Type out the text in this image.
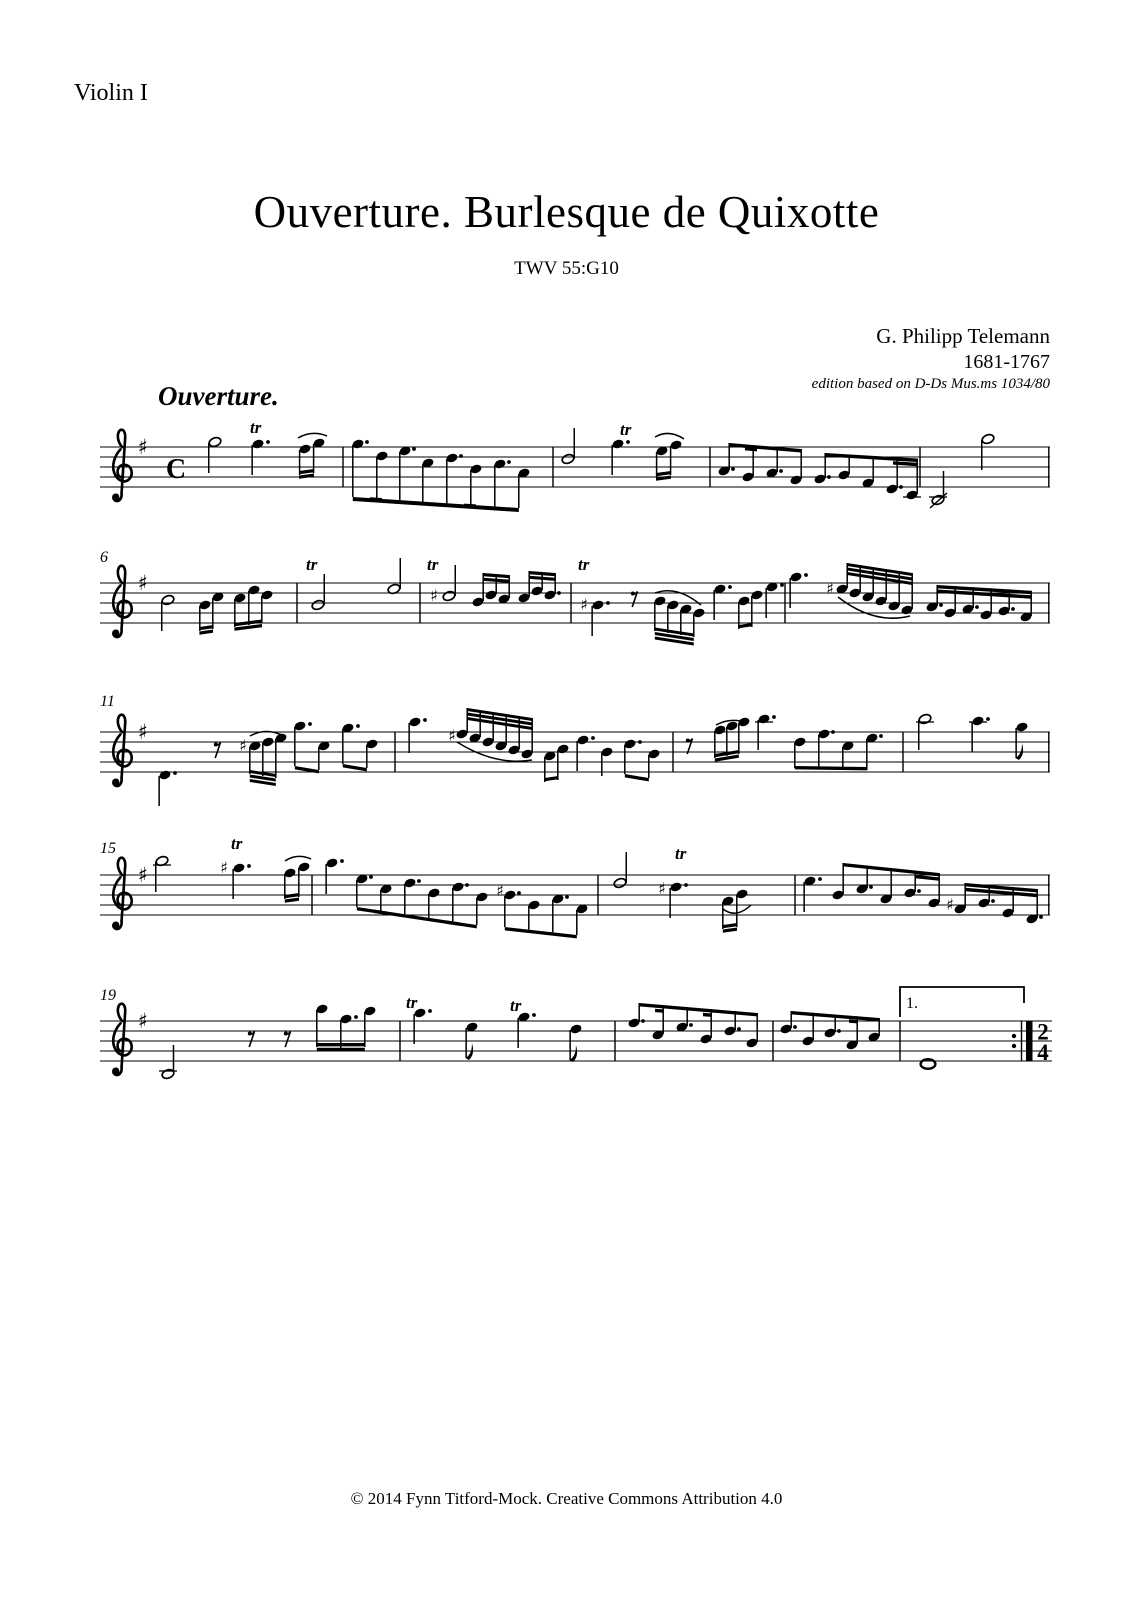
Violin I
Ouverture. Burlesque de Quixotte
TWV 55:G10
G. Philipp Telemann
1681-1767
edition based on D-Ds Mus.ms 1034/80
Ouverture.
♯
C
tr	tr
♯
6	tr	tr	tr
♯	♯
♯
♯
11
♯
♯
♯
15	tr
tr
♯
♯	♯
♯
♯
19	tr	tr	1.
2
4
© 2014 Fynn Titford-Mock. Creative Commons Attribution 4.0
